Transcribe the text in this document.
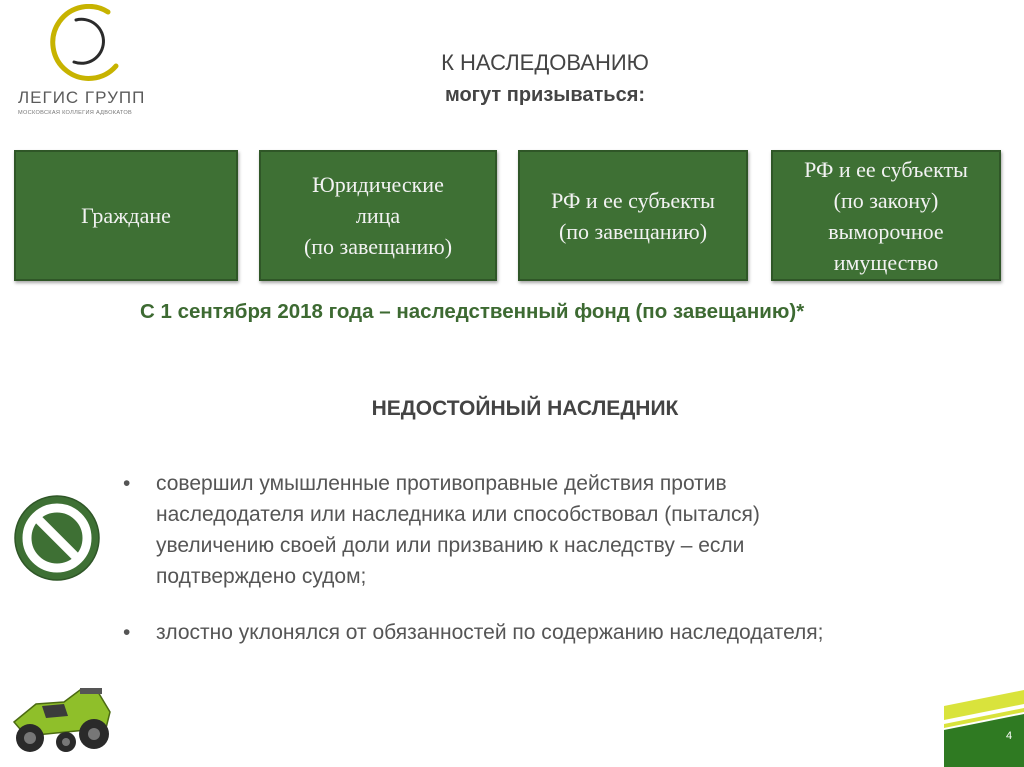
ЛЕГИС ГРУПП
МОСКОВСКАЯ КОЛЛЕГИЯ АДВОКАТОВ
К НАСЛЕДОВАНИЮ
могут призываться:
Граждане
Юридические
лица
(по завещанию)
РФ и ее субъекты
(по завещанию)
РФ и ее субъекты
(по закону)
выморочное
имущество
С 1 сентября 2018 года – наследственный фонд (по завещанию)*
НЕДОСТОЙНЫЙ НАСЛЕДНИК
• совершил умышленные противоправные действия против
наследодателя или наследника или способствовал (пытался)
увеличению своей доли или призванию к наследству – если
подтверждено судом;
• злостно уклонялся от обязанностей по содержанию наследодателя;
4
